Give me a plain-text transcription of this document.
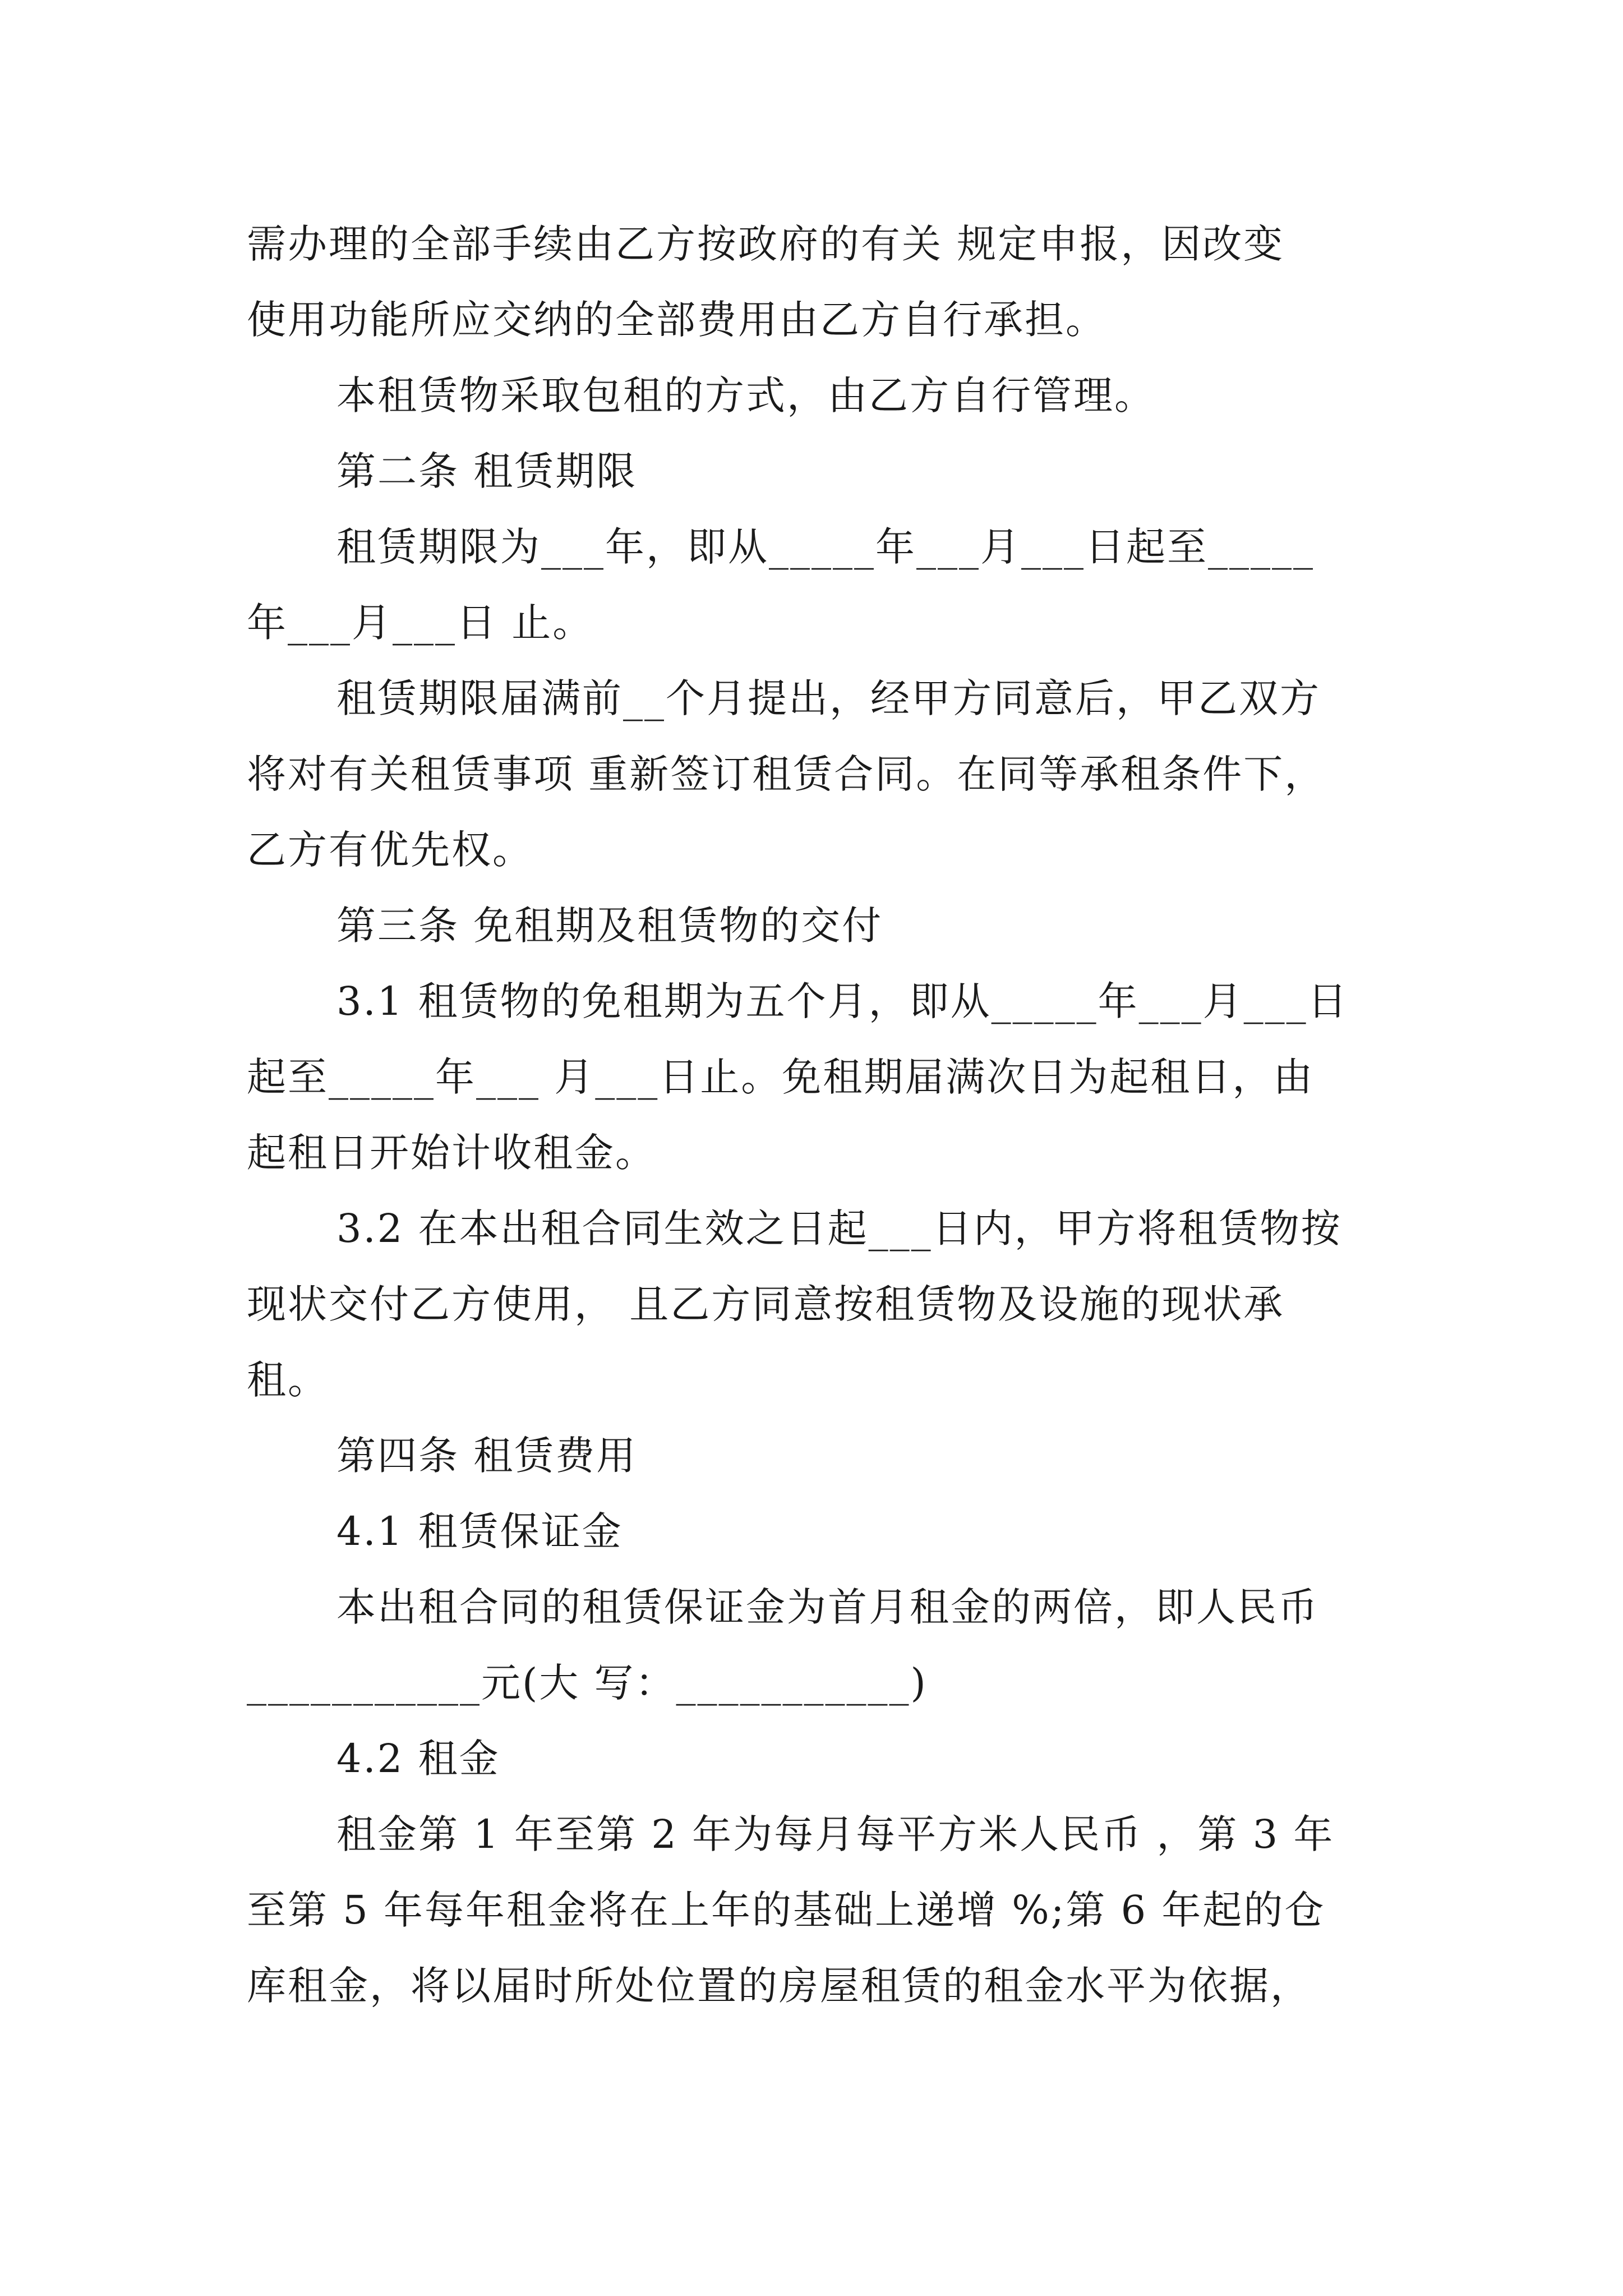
需办理的全部手续由乙方按政府的有关 规定申报，因改变
使用功能所应交纳的全部费用由乙方自行承担。
本租赁物采取包租的方式，由乙方自行管理。
第二条 租赁期限
租赁期限为___年，即从_____年___月___日起至_____
年___月___日 止。
租赁期限届满前__个月提出，经甲方同意后，甲乙双方
将对有关租赁事项 重新签订租赁合同。在同等承租条件下，
乙方有优先权。
第三条 免租期及租赁物的交付
3.1 租赁物的免租期为五个月，即从_____年___月___日
起至_____年___ 月___日止。免租期届满次日为起租日，由
起租日开始计收租金。
3.2 在本出租合同生效之日起___日内，甲方将租赁物按
现状交付乙方使用， 且乙方同意按租赁物及设施的现状承
租。
第四条 租赁费用
4.1 租赁保证金
本出租合同的租赁保证金为首月租金的两倍，即人民币
___________元(大 写：___________)
4.2 租金
租金第 1 年至第 2 年为每月每平方米人民币 ，第 3 年
至第 5 年每年租金将在上年的基础上递增 %;第 6 年起的仓
库租金，将以届时所处位置的房屋租赁的租金水平为依据，
